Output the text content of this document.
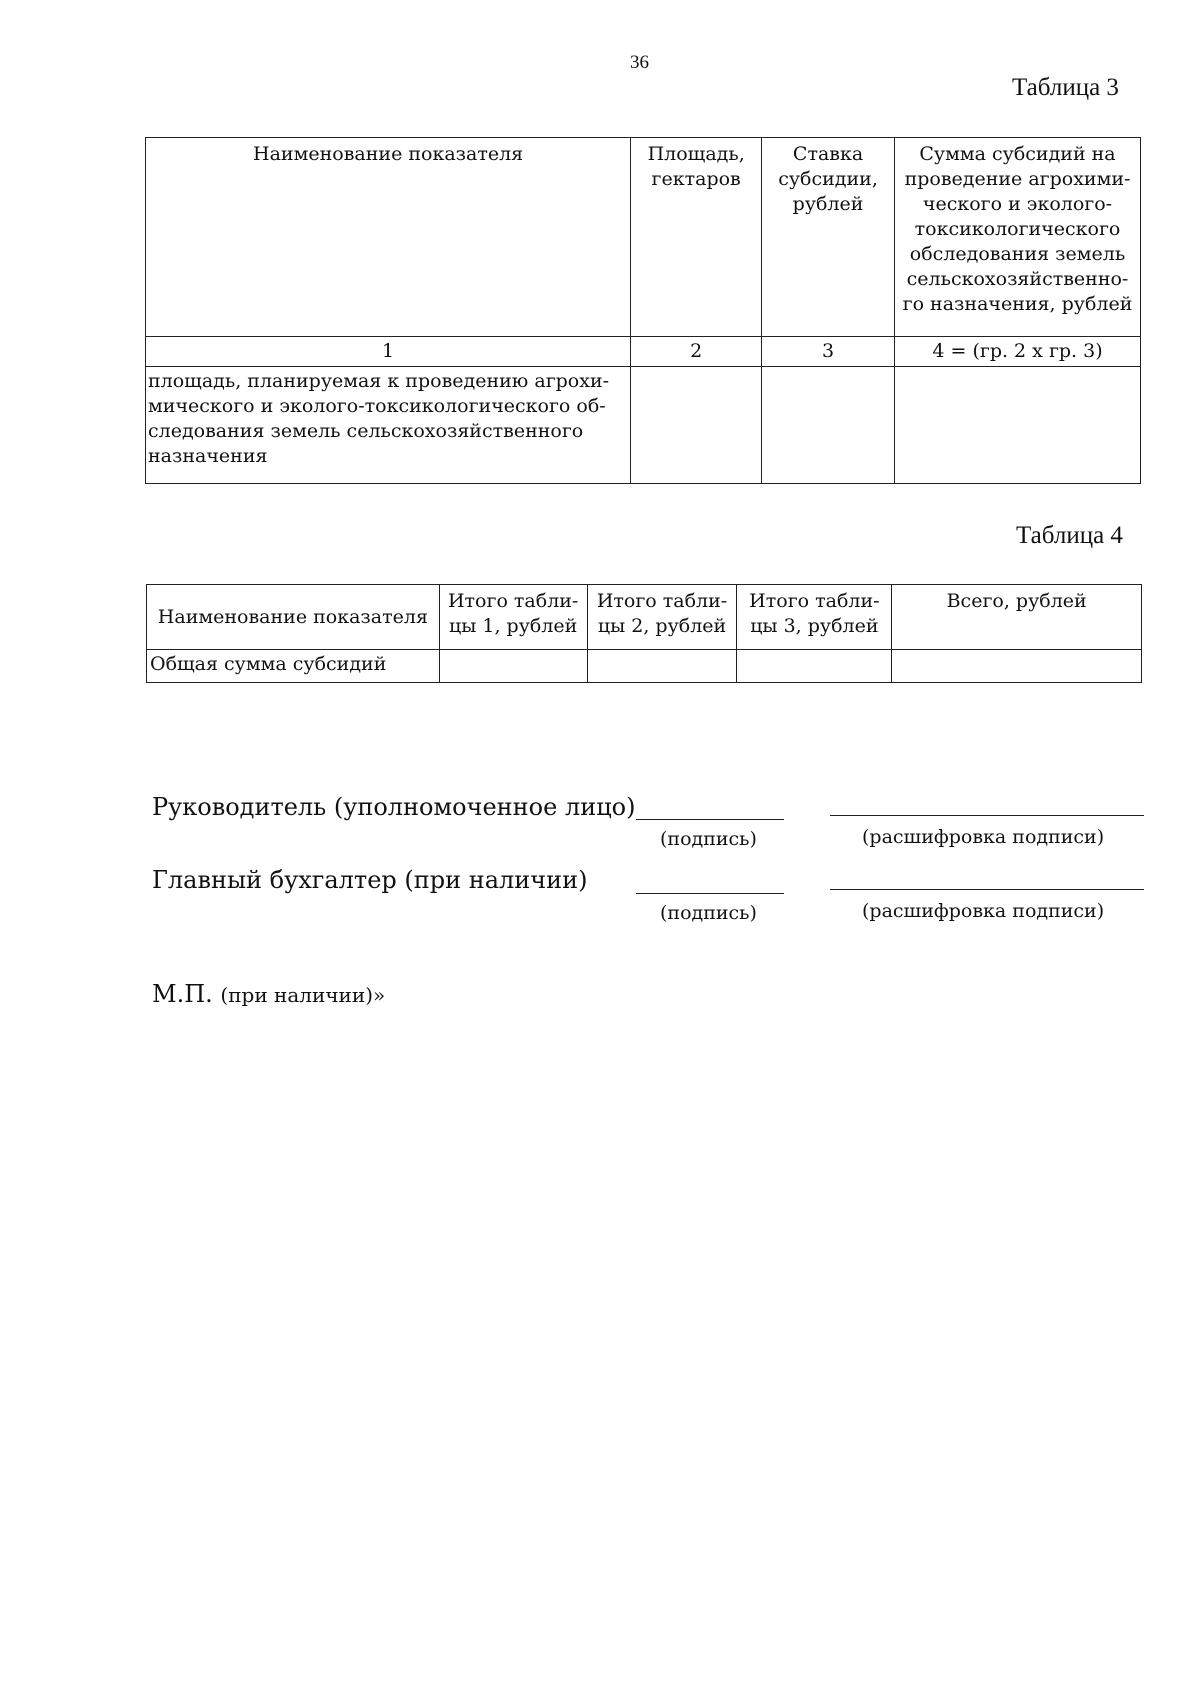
36
Таблица 3
Наименование показателя	Площадь, гектаров	Ставка субсидии, рублей	Сумма субсидий на проведение агрохими-ческого и эколого-токсикологического обследования земель сельскохозяйственно-го назначения, рублей
1	2	3	4 = (гр. 2 х гр. 3)
площадь, планируемая к проведению агрохи-мического и эколого-токсикологического об-следования земель сельскохозяйственного назначения			
Таблица 4
Наименование показателя	Итого табли-цы 1, рублей	Итого табли-цы 2, рублей	Итого табли-цы 3, рублей	Всего, рублей
Общая сумма субсидий				
Руководитель (уполномоченное лицо)
(подпись)	(расшифровка подписи)
Главный бухгалтер (при наличии)
(подпись)	(расшифровка подписи)
М.П. (при наличии)»
